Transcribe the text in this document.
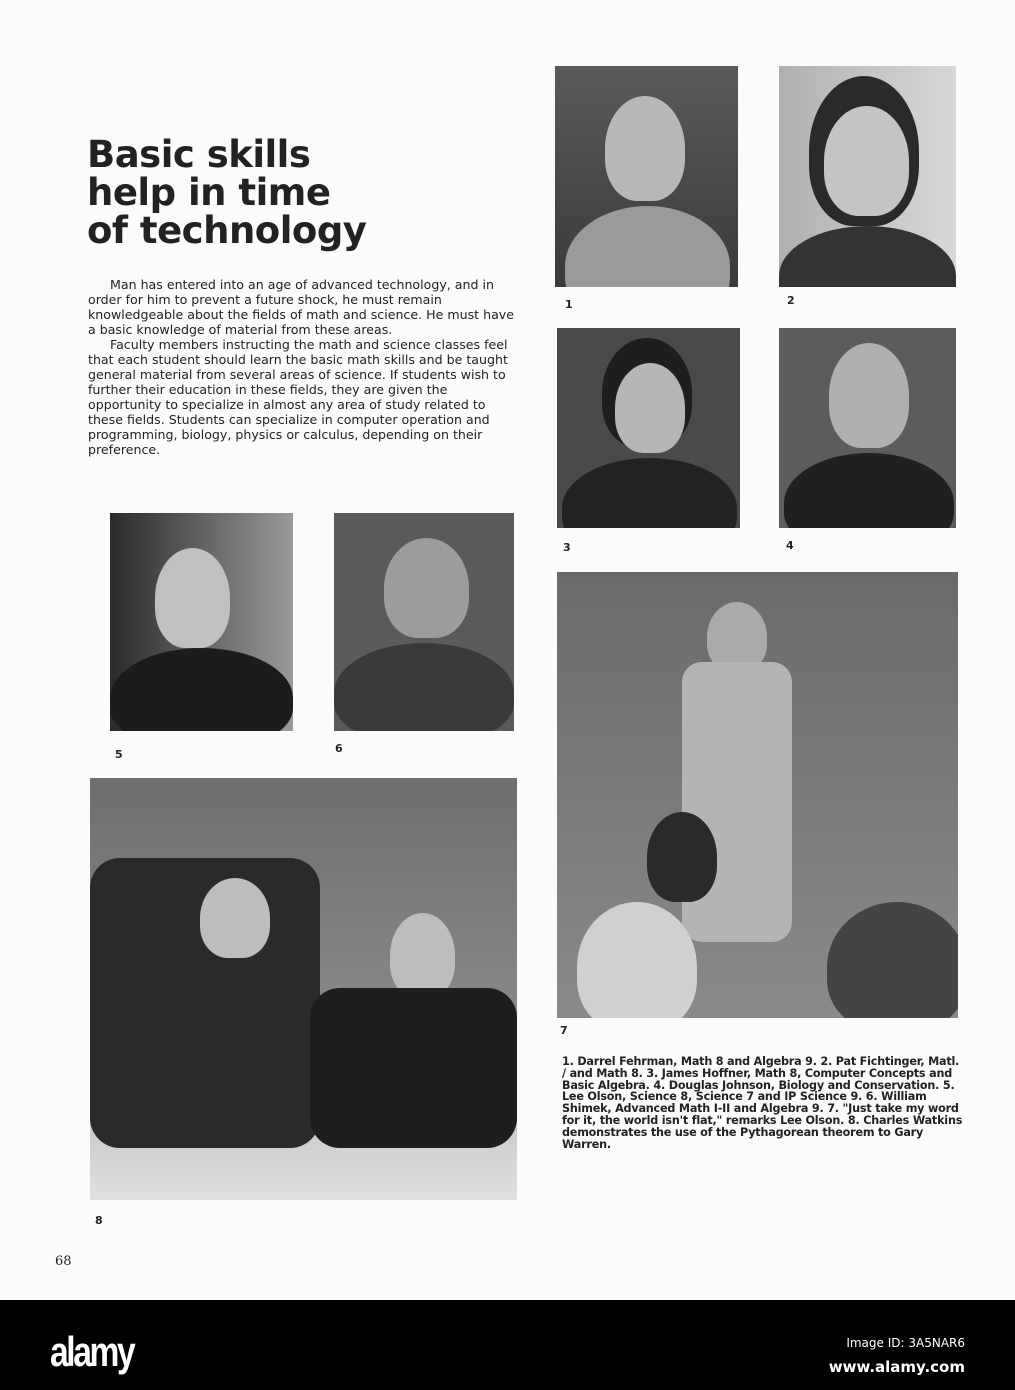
Basic skills
help in time
of technology

Man has entered into an age of advanced technology, and in order for him to prevent a future shock, he must remain knowledgeable about the fields of math and science. He must have a basic knowledge of material from these areas.

Faculty members instructing the math and science classes feel that each student should learn the basic math skills and be taught general material from several areas of science. If students wish to further their education in these fields, they are given the opportunity to specialize in almost any area of study related to these fields. Students can specialize in computer operation and programming, biology, physics or calculus, depending on their preference.

1	2
3	4
5	6
7
8
1. Darrel Fehrman, Math 8 and Algebra 9. 2. Pat Fichtinger, Matl. / and Math 8. 3. James Hoffner, Math 8, Computer Concepts and Basic Algebra. 4. Douglas Johnson, Biology and Conservation. 5. Lee Olson, Science 8, Science 7 and IP Science 9. 6. William Shimek, Advanced Math I-II and Algebra 9. 7. "Just take my word for it, the world isn't flat," remarks Lee Olson. 8. Charles Watkins demonstrates the use of the Pythagorean theorem to Gary Warren.
68
alamy	Image ID: 3A5NAR6
www.alamy.com
